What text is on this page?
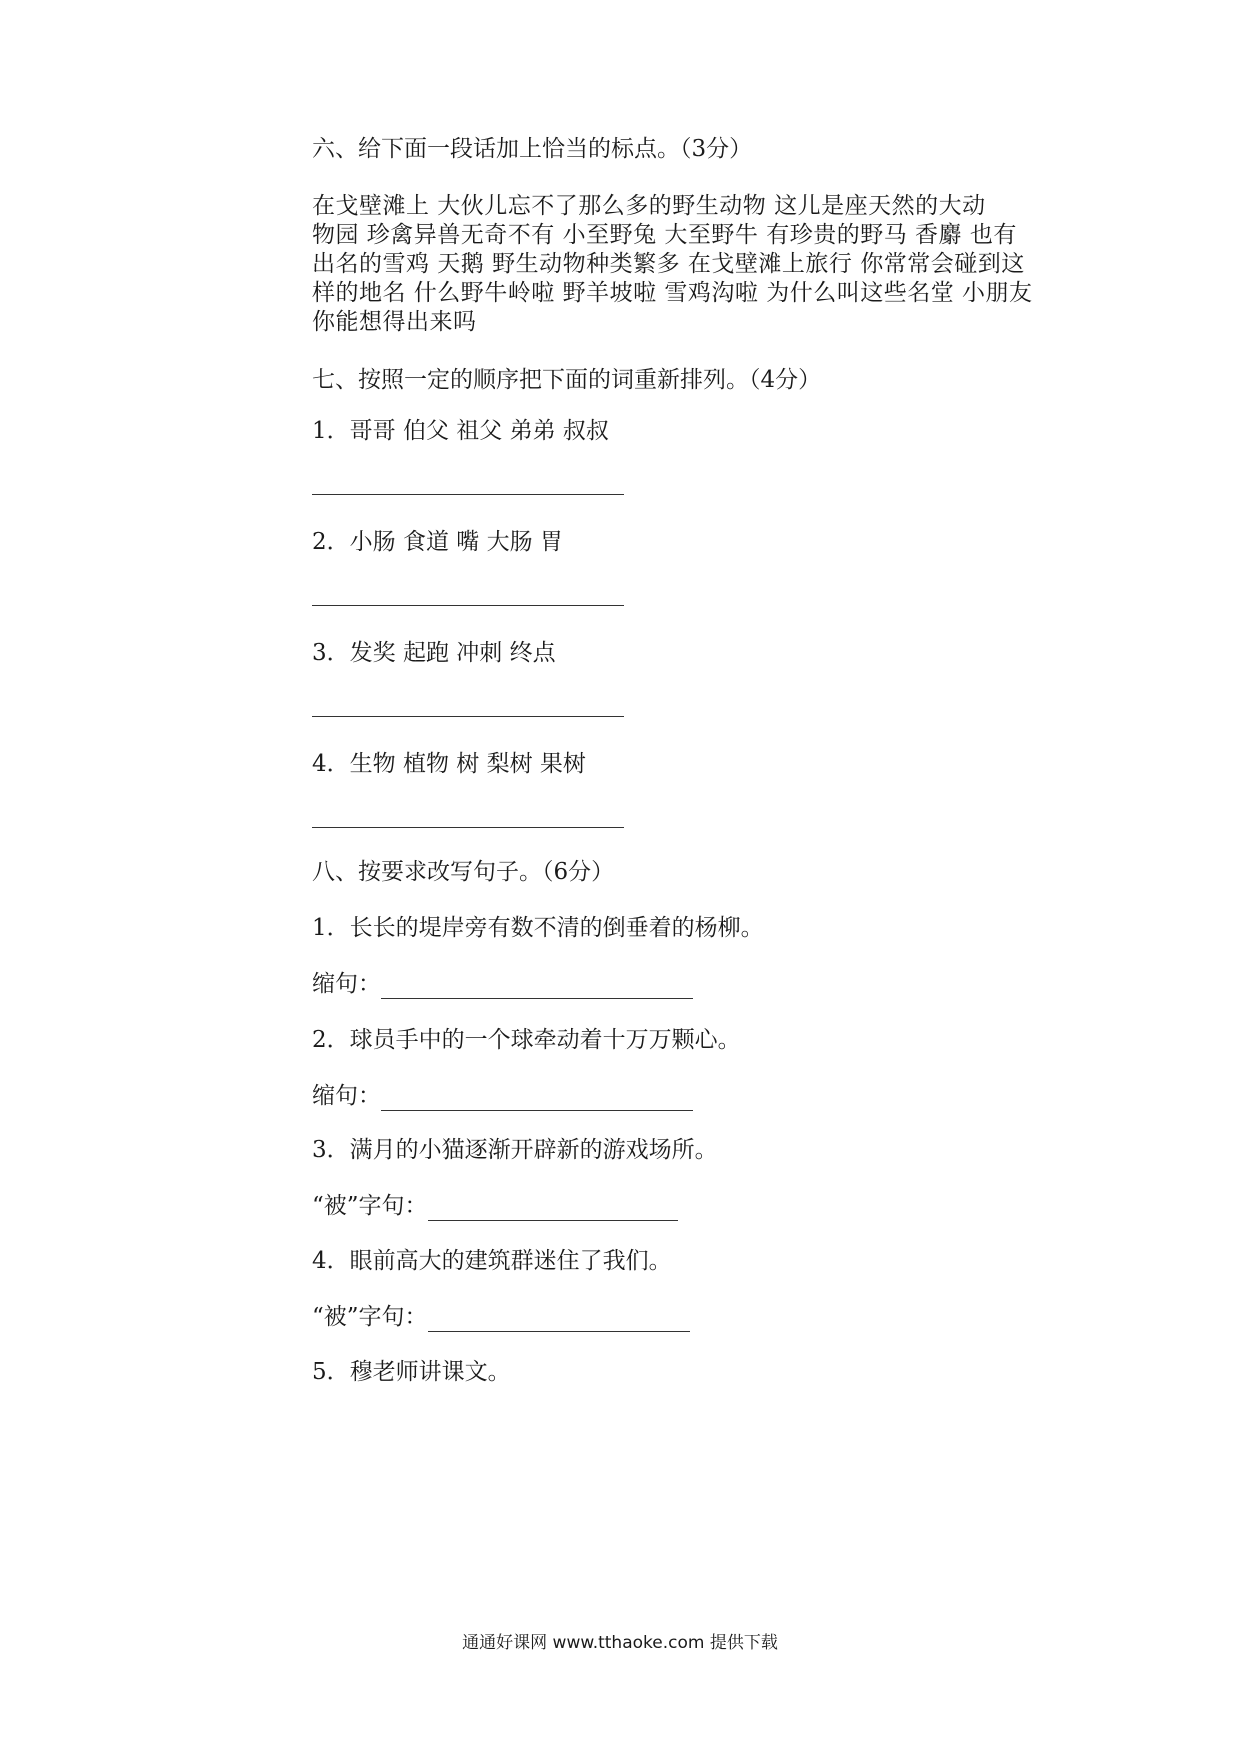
六、给下面一段话加上恰当的标点。（3分）

在戈壁滩上 大伙儿忘不了那么多的野生动物 这儿是座天然的大动

物园 珍禽异兽无奇不有 小至野兔 大至野牛 有珍贵的野马 香麝 也有

出名的雪鸡 天鹅 野生动物种类繁多 在戈壁滩上旅行 你常常会碰到这

样的地名 什么野牛岭啦 野羊坡啦 雪鸡沟啦 为什么叫这些名堂 小朋友

你能想得出来吗

七、按照一定的顺序把下面的词重新排列。（4分）

1．哥哥 伯父 祖父 弟弟 叔叔

2．小肠 食道 嘴 大肠 胃

3．发奖 起跑 冲刺 终点

4．生物 植物 树 梨树 果树

八、按要求改写句子。（6分）

1．长长的堤岸旁有数不清的倒垂着的杨柳。

缩句：

2．球员手中的一个球牵动着十万万颗心。

缩句：

3．满月的小猫逐渐开辟新的游戏场所。

“被”字句：

4．眼前高大的建筑群迷住了我们。

“被”字句：

5．穆老师讲课文。

通通好课网 www.tthaoke.com 提供下载
